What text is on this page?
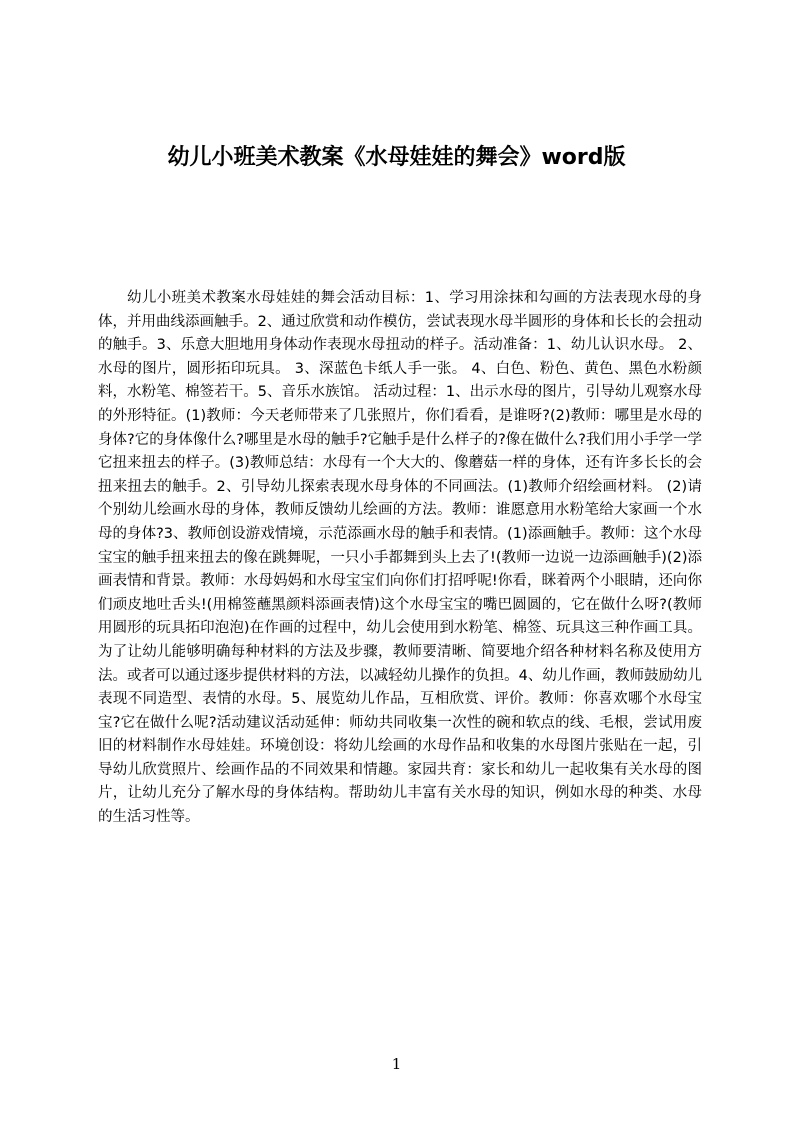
幼儿小班美术教案《水母娃娃的舞会》word版
幼儿小班美术教案水母娃娃的舞会活动目标：1、学习用涂抹和勾画的方法表现水母的身体，并用曲线添画触手。2、通过欣赏和动作模仿，尝试表现水母半圆形的身体和长长的会扭动的触手。3、乐意大胆地用身体动作表现水母扭动的样子。活动准备：1、幼儿认识水母。 2、水母的图片，圆形拓印玩具。 3、深蓝色卡纸人手一张。 4、白色、粉色、黄色、黑色水粉颜料，水粉笔、棉签若干。5、音乐水族馆。 活动过程：1、出示水母的图片，引导幼儿观察水母的外形特征。(1)教师：今天老师带来了几张照片，你们看看，是谁呀?(2)教师：哪里是水母的身体?它的身体像什么?哪里是水母的触手?它触手是什么样子的?像在做什么?我们用小手学一学它扭来扭去的样子。(3)教师总结：水母有一个大大的、像蘑菇一样的身体，还有许多长长的会扭来扭去的触手。2、引导幼儿探索表现水母身体的不同画法。(1)教师介绍绘画材料。 (2)请个别幼儿绘画水母的身体，教师反馈幼儿绘画的方法。教师：谁愿意用水粉笔给大家画一个水母的身体?3、教师创设游戏情境，示范添画水母的触手和表情。(1)添画触手。教师：这个水母宝宝的触手扭来扭去的像在跳舞呢，一只小手都舞到头上去了!(教师一边说一边添画触手)(2)添画表情和背景。教师：水母妈妈和水母宝宝们向你们打招呼呢!你看，眯着两个小眼睛，还向你们顽皮地吐舌头!(用棉签蘸黑颜料添画表情)这个水母宝宝的嘴巴圆圆的，它在做什么呀?(教师用圆形的玩具拓印泡泡)在作画的过程中，幼儿会使用到水粉笔、棉签、玩具这三种作画工具。为了让幼儿能够明确每种材料的方法及步骤，教师要清晰、简要地介绍各种材料名称及使用方法。或者可以通过逐步提供材料的方法，以减轻幼儿操作的负担。4、幼儿作画，教师鼓励幼儿表现不同造型、表情的水母。5、展览幼儿作品，互相欣赏、评价。教师：你喜欢哪个水母宝宝?它在做什么呢?活动建议活动延伸：师幼共同收集一次性的碗和软点的线、毛根，尝试用废旧的材料制作水母娃娃。环境创设：将幼儿绘画的水母作品和收集的水母图片张贴在一起，引导幼儿欣赏照片、绘画作品的不同效果和情趣。家园共育：家长和幼儿一起收集有关水母的图片，让幼儿充分了解水母的身体结构。帮助幼儿丰富有关水母的知识，例如水母的种类、水母的生活习性等。
1
